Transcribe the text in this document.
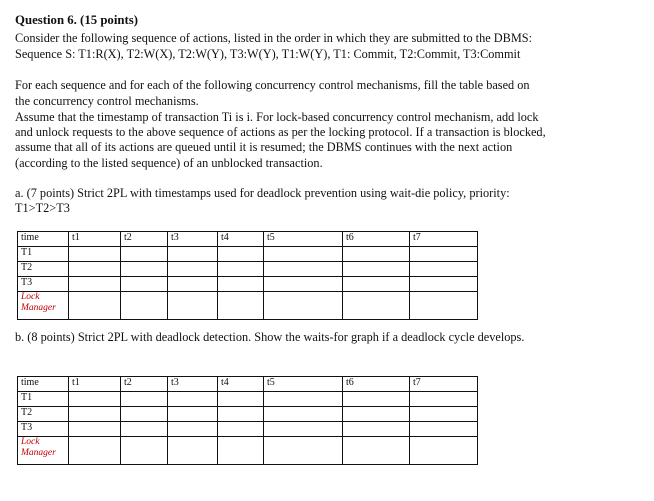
Question 6. (15 points)
Consider the following sequence of actions, listed in the order in which they are submitted to the DBMS:
Sequence S: T1:R(X), T2:W(X), T2:W(Y), T3:W(Y), T1:W(Y), T1: Commit, T2:Commit, T3:Commit
For each sequence and for each of the following concurrency control mechanisms, fill the table based on
the concurrency control mechanisms.
Assume that the timestamp of transaction Ti is i. For lock-based concurrency control mechanism, add lock
and unlock requests to the above sequence of actions as per the locking protocol. If a transaction is blocked,
assume that all of its actions are queued until it is resumed; the DBMS continues with the next action
(according to the listed sequence) of an unblocked transaction.
a. (7 points) Strict 2PL with timestamps used for deadlock prevention using wait-die policy, priority:
T1>T2>T3
time	t1	t2	t3	t4	t5	t6	t7
T1							
T2							
T3							

Lock
Manager							

b. (8 points) Strict 2PL with deadlock detection. Show the waits-for graph if a deadlock cycle develops.
time	t1	t2	t3	t4	t5	t6	t7
T1							
T2							
T3							

Lock
Manager							
